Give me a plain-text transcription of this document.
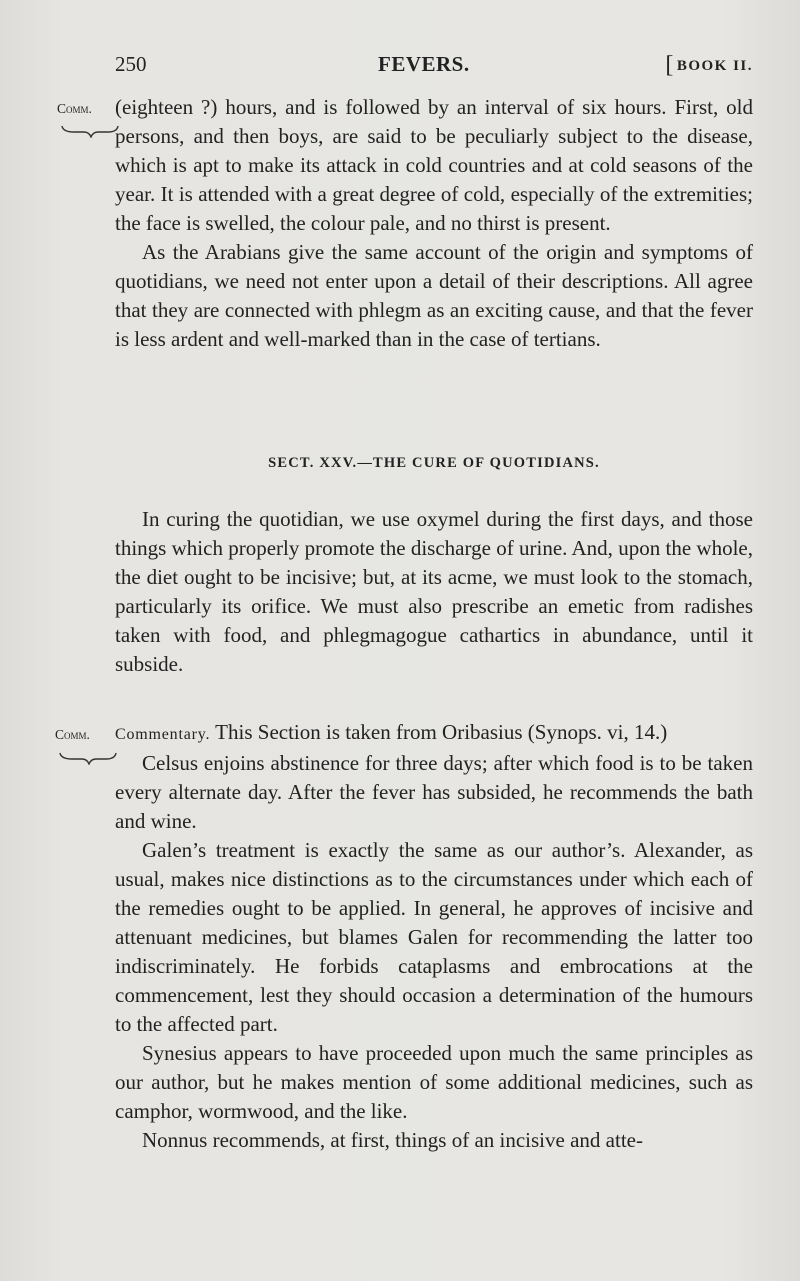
250	FEVERS.	[ BOOK II.
Comm.	(eighteen ?) hours, and is followed by an interval of six hours. First, old persons, and then boys, are said to be peculiarly subject to the disease, which is apt to make its attack in cold countries and at cold seasons of the year. It is attended with a great degree of cold, especially of the extremities; the face is swelled, the colour pale, and no thirst is present.

As the Arabians give the same account of the origin and symptoms of quotidians, we need not enter upon a detail of their descriptions. All agree that they are connected with phlegm as an exciting cause, and that the fever is less ardent and well-marked than in the case of tertians.

SECT. XXV.—THE CURE OF QUOTIDIANS.

In curing the quotidian, we use oxymel during the first days, and those things which properly promote the discharge of urine. And, upon the whole, the diet ought to be incisive; but, at its acme, we must look to the stomach, particularly its orifice. We must also prescribe an emetic from radishes taken with food, and phlegmagogue cathartics in abundance, until it subside.

Comm.	Commentary. This Section is taken from Oribasius (Synops. vi, 14.)

Celsus enjoins abstinence for three days; after which food is to be taken every alternate day. After the fever has subsided, he recommends the bath and wine.

Galen’s treatment is exactly the same as our author’s. Alexander, as usual, makes nice distinctions as to the circumstances under which each of the remedies ought to be applied. In general, he approves of incisive and attenuant medicines, but blames Galen for recommending the latter too indiscriminately. He forbids cataplasms and embrocations at the commencement, lest they should occasion a determination of the humours to the affected part.

Synesius appears to have proceeded upon much the same principles as our author, but he makes mention of some additional medicines, such as camphor, wormwood, and the like.

Nonnus recommends, at first, things of an incisive and atte-
